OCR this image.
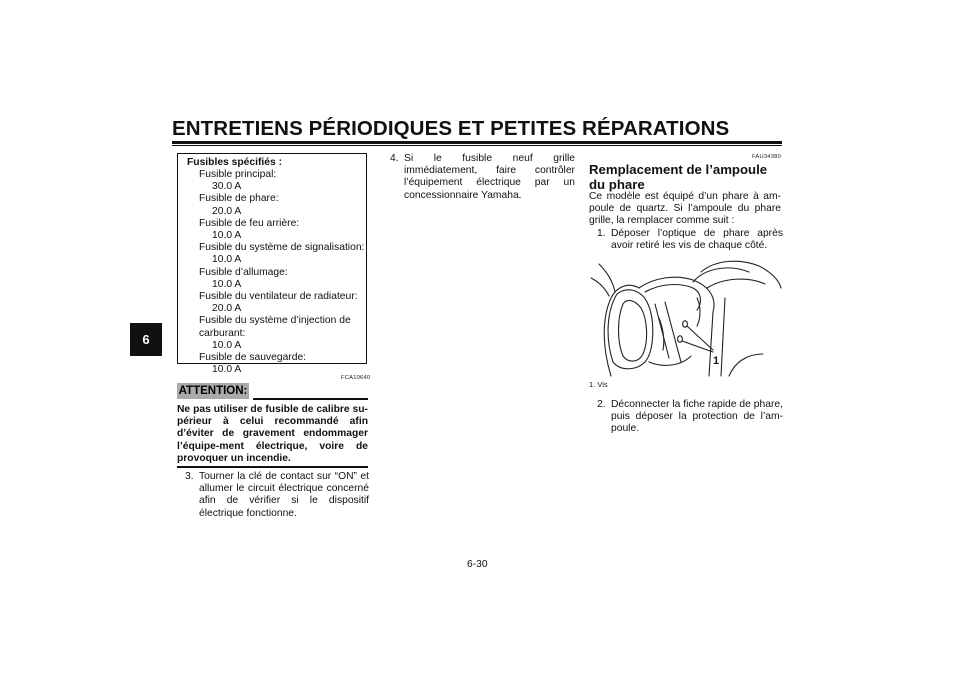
ENTRETIENS PÉRIODIQUES ET PETITES RÉPARATIONS
6
Fusibles spécifiés :
Fusible principal:
30.0 A
Fusible de phare:
20.0 A
Fusible de feu arrière:
10.0 A
Fusible du système de signalisation:
10.0 A
Fusible d’allumage:
10.0 A
Fusible du ventilateur de radiateur:
20.0 A
Fusible du système d’injection de
carburant:
10.0 A
Fusible de sauvegarde:
10.0 A
FCA10640
ATTENTION:
Ne pas utiliser de fusible de calibre su-périeur à celui recommandé afin d’éviter de gravement endommager l’équipe-ment électrique, voire de provoquer un incendie.
3. Tourner la clé de contact sur “ON” et allumer le circuit électrique concerné afin de vérifier si le dispositif électrique fonctionne.
4. Si le fusible neuf grille immédiatement, faire contrôler l’équipement électrique par un concessionnaire Yamaha.
FAU34380
Remplacement de l’ampoule du phare
Ce modèle est équipé d’un phare à am-poule de quartz. Si l’ampoule du phare grille, la remplacer comme suit :
1. Déposer l’optique de phare après avoir retiré les vis de chaque côté.
1
1. Vis
2. Déconnecter la fiche rapide de phare, puis déposer la protection de l’am-poule.
6-30
